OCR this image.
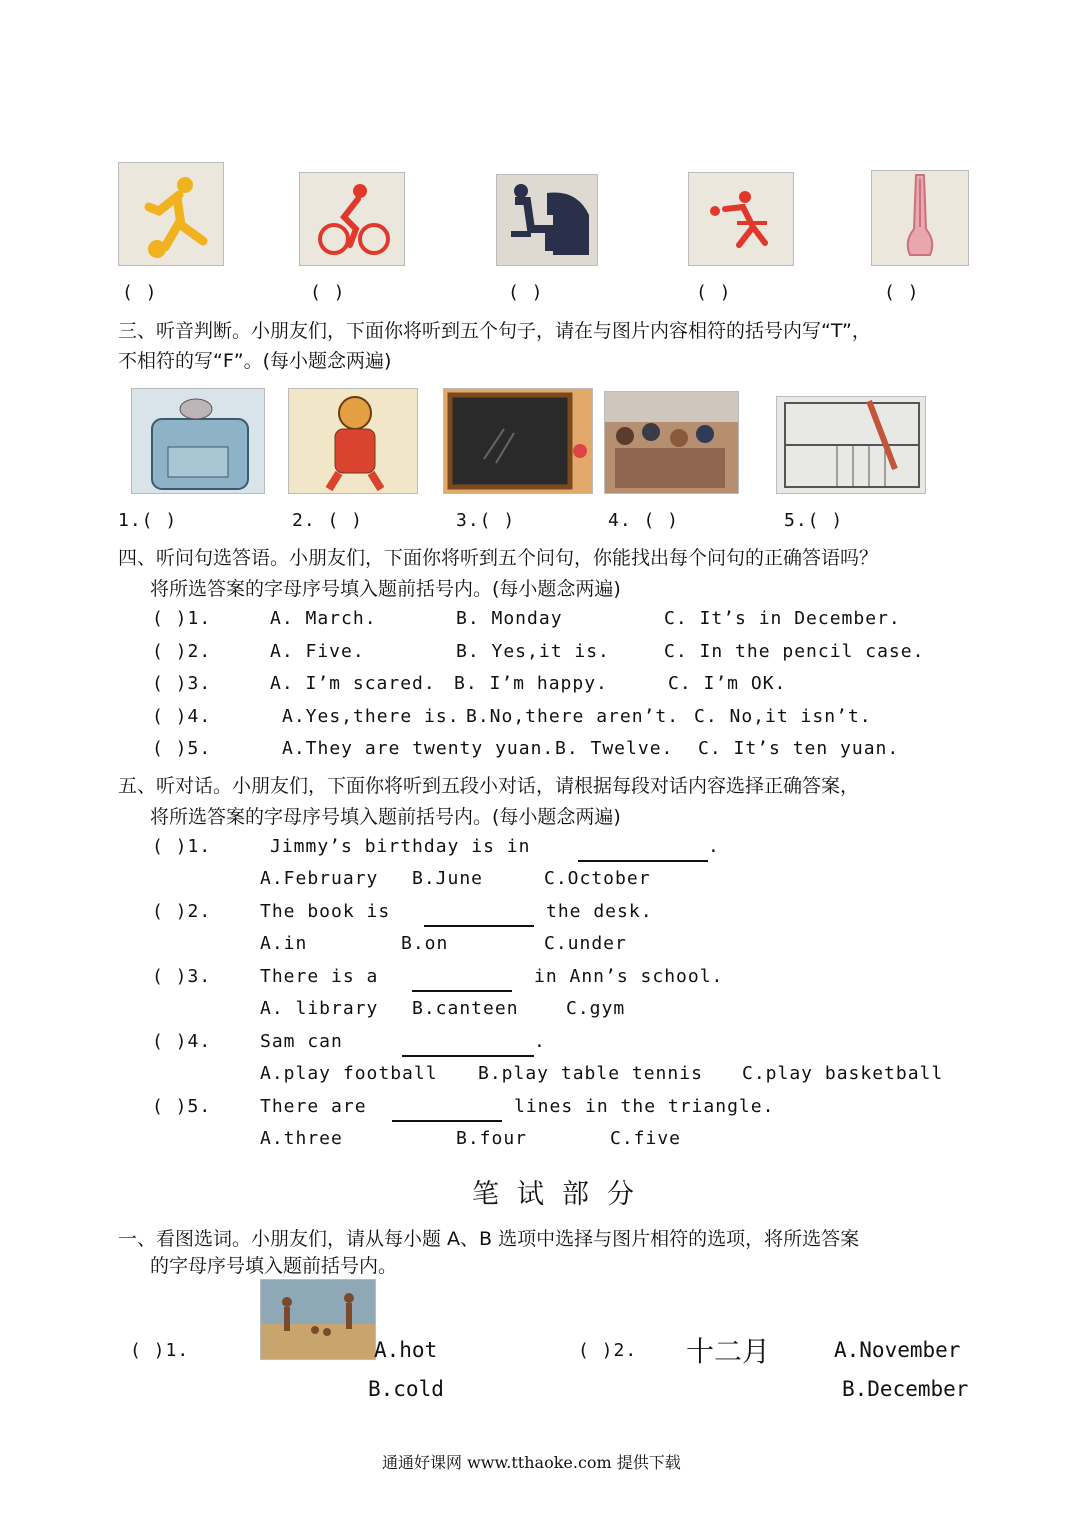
( )	( )	( )	( )	( )
三、听音判断。小朋友们，下面你将听到五个句子，请在与图片内容相符的括号内写“T”，
不相符的写“F”。(每小题念两遍)
1.( )	2. ( )	3.( )	4. ( )	5.( )
四、听问句选答语。小朋友们，下面你将听到五个问句，你能找出每个问句的正确答语吗？
将所选答案的字母序号填入题前括号内。(每小题念两遍)
( )1.	A. March.	B. Monday	C. It’s in December.
( )2.	A. Five.	B. Yes,it is.	C. In the pencil case.
( )3.	A. I’m scared. B. I’m happy.	C. I’m OK.
( )4.	A.Yes,there is. B.No,there aren’t. C. No,it isn’t.
( )5.	A.They are twenty yuan. B. Twelve. C. It’s ten yuan.
五、听对话。小朋友们，下面你将听到五段小对话，请根据每段对话内容选择正确答案，
将所选答案的字母序号填入题前括号内。(每小题念两遍)
( )1.	Jimmy’s birthday is in	.
A.February B.June	C.October
( )2.	The book is	the desk.
A.in	B.on	C.under
( )3.	There is a	in Ann’s school.
A. library B.canteen	C.gym
( )4.	Sam can	.
A.play football B.play table tennis C.play basketball
( )5.	There are	lines in the triangle.
A.three	B.four	C.five
笔试部分
一、看图选词。小朋友们，请从每小题 A、B 选项中选择与图片相符的选项，将所选答案
的字母序号填入题前括号内。
( )1.	A.hot
B.cold
( )2. 十二月	A.November
B.December
通通好课网 www.tthaoke.com 提供下载
